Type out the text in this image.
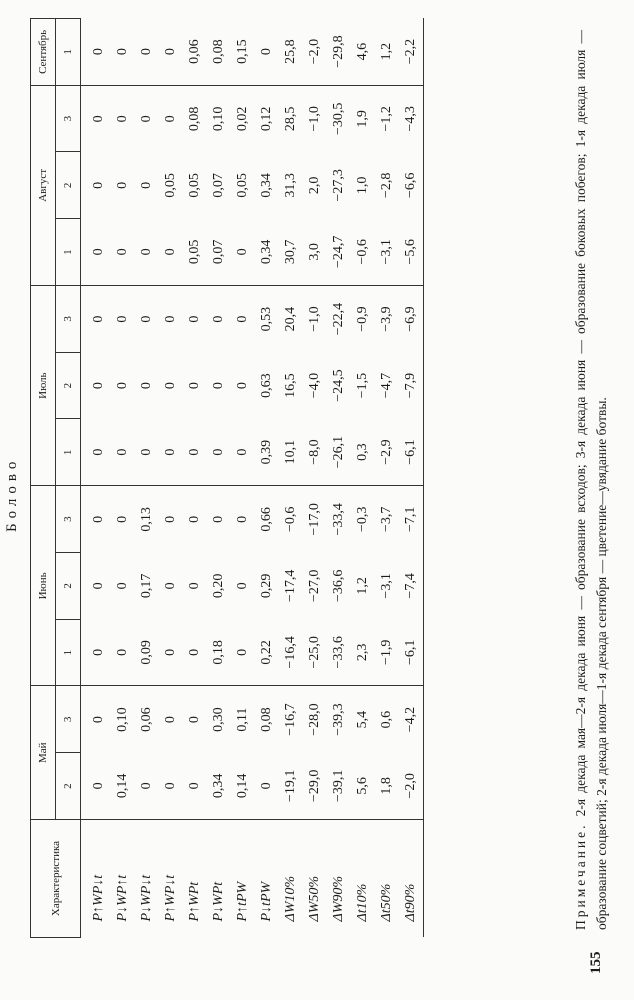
Болово
Характеристика	Май		Июнь			Июль			Август			Сентябрь
	2	3	1	2	3	1	2	3	1	2	3	1
P↑WP↓t	0	0	0	0	0	0	0	0	0	0	0	0
P↓WP↑t	0,14	0,10	0	0	0	0	0	0	0	0	0	0
P↓WP↓t	0	0,06	0,09	0,17	0,13	0	0	0	0	0	0	0
P↑WP↓t	0	0	0	0	0	0	0	0	0	0,05	0	0
P↑WPt	0	0	0	0	0	0	0	0	0,05	0,05	0,08	0,06
P↓WPt	0,34	0,30	0,18	0,20	0	0	0	0	0,07	0,07	0,10	0,08
P↑tPW	0,14	0,11	0	0	0	0	0	0	0	0,05	0,02	0,15
P↓tPW	0	0,08	0,22	0,29	0,66	0,39	0,63	0,53	0,34	0,34	0,12	0
ΔW10%	−19,1	−16,7	−16,4	−17,4	−0,6	10,1	16,5	20,4	30,7	31,3	28,5	25,8
ΔW50%	−29,0	−28,0	−25,0	−27,0	−17,0	−8,0	−4,0	−1,0	3,0	2,0	−1,0	−2,0
ΔW90%	−39,1	−39,3	−33,6	−36,6	−33,4	−26,1	−24,5	−22,4	−24,7	−27,3	−30,5	−29,8
Δt10%	5,6	5,4	2,3	1,2	−0,3	0,3	−1,5	−0,9	−0,6	1,0	1,9	4,6
Δt50%	1,8	0,6	−1,9	−3,1	−3,7	−2,9	−4,7	−3,9	−3,1	−2,8	−1,2	1,2
Δt90%	−2,0	−4,2	−6,1	−7,4	−7,1	−6,1	−7,9	−6,9	−5,6	−6,6	−4,3	−2,2
Примечание. 2-я декада мая—2-я декада июня — образование всходов; 3-я декада июня — образование боковых побегов; 1-я декада июля — образование соцветий; 2-я декада июля—1-я декада сентября — цветение—увядание ботвы.
155
